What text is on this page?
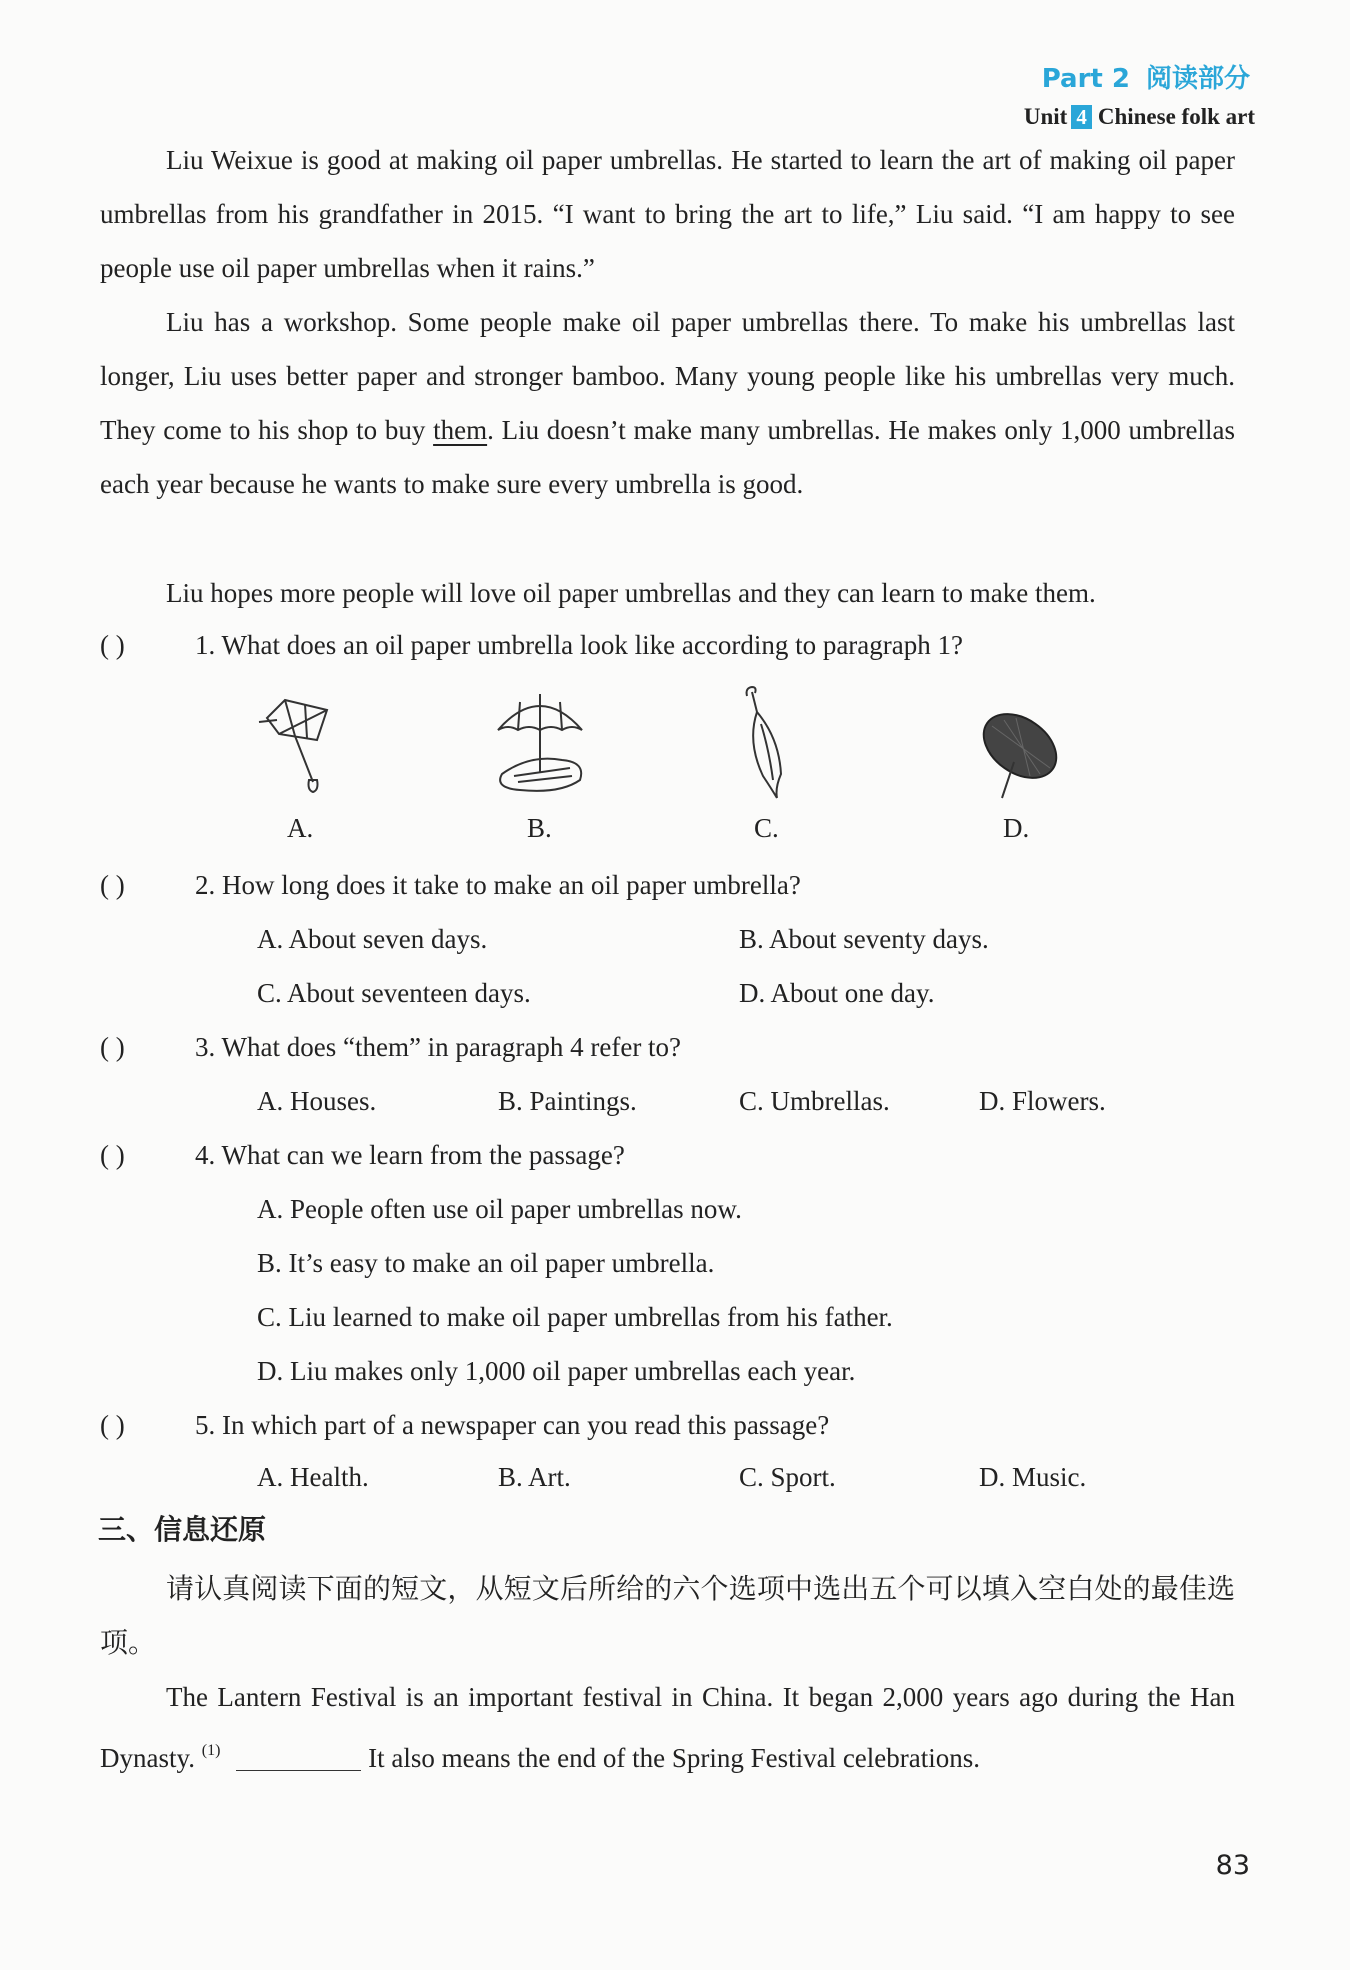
Part 2 阅读部分
Unit 4 Chinese folk art

Liu Weixue is good at making oil paper umbrellas. He started to learn the art of making oil paper umbrellas from his grandfather in 2015. “I want to bring the art to life,” Liu said. “I am happy to see people use oil paper umbrellas when it rains.”

Liu has a workshop. Some people make oil paper umbrellas there. To make his umbrellas last longer, Liu uses better paper and stronger bamboo. Many young people like his umbrellas very much. They come to his shop to buy them. Liu doesn’t make many umbrellas. He makes only 1,000 umbrellas each year because he wants to make sure every umbrella is good.

Liu hopes more people will love oil paper umbrellas and they can learn to make them.

( )	1. What does an oil paper umbrella look like according to paragraph 1?
A.	B.	C.	D.
( )	2. How long does it take to make an oil paper umbrella?
A. About seven days.	B. About seventy days.
C. About seventeen days.	D. About one day.
( )	3. What does “them” in paragraph 4 refer to?
A. Houses.	B. Paintings.	C. Umbrellas.	D. Flowers.
( )	4. What can we learn from the passage?
A. People often use oil paper umbrellas now.
B. It’s easy to make an oil paper umbrella.
C. Liu learned to make oil paper umbrellas from his father.
D. Liu makes only 1,000 oil paper umbrellas each year.
( )	5. In which part of a newspaper can you read this passage?
A. Health.	B. Art.	C. Sport.	D. Music.
三、信息还原

请认真阅读下面的短文，从短文后所给的六个选项中选出五个可以填入空白处的最佳选项。

The Lantern Festival is an important festival in China. It began 2,000 years ago during the Han Dynasty. $^{(1)}$	It also means the end of the Spring Festival celebrations.

83
